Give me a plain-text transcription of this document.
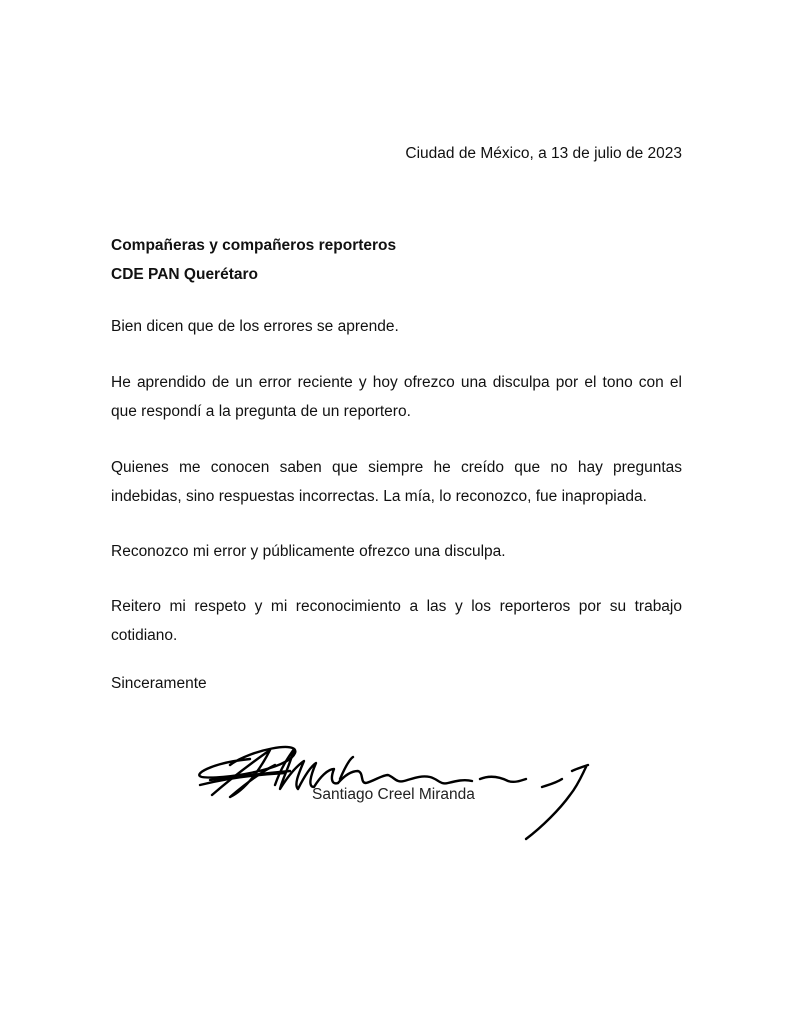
Ciudad de México, a 13 de julio de 2023
Compañeras y compañeros reporteros
CDE PAN Querétaro

Bien dicen que de los errores se aprende.

He aprendido de un error reciente y hoy ofrezco una disculpa por el tono con el que respondí a la pregunta de un reportero.

Quienes me conocen saben que siempre he creído que no hay preguntas indebidas, sino respuestas incorrectas. La mía, lo reconozco, fue inapropiada.

Reconozco mi error y públicamente ofrezco una disculpa.

Reitero mi respeto y mi reconocimiento a las y los reporteros por su trabajo cotidiano.

Sinceramente
Santiago Creel Miranda
